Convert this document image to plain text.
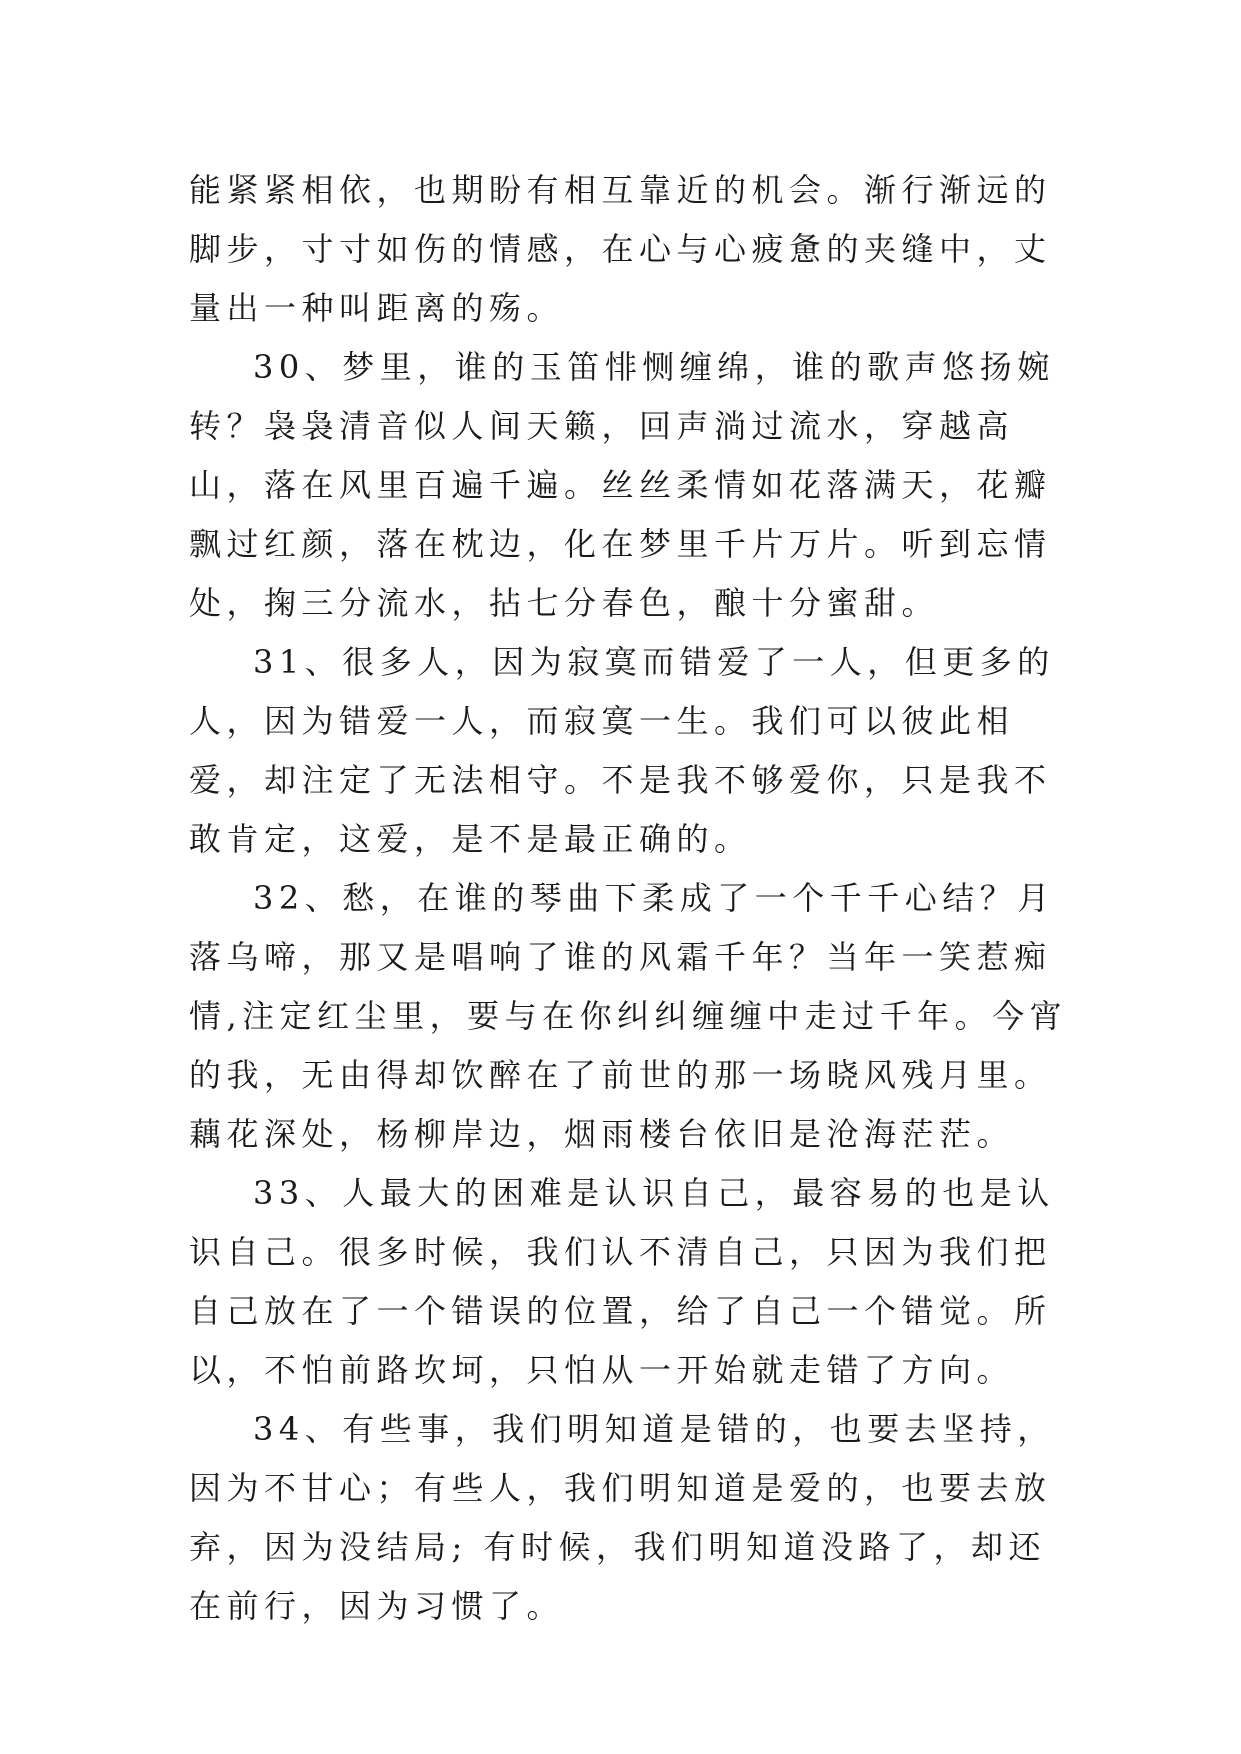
能紧紧相依，也期盼有相互靠近的机会。渐行渐远的脚步，寸寸如伤的情感，在心与心疲惫的夹缝中，丈量出一种叫距离的殇。

30、梦里，谁的玉笛悱恻缠绵，谁的歌声悠扬婉转？袅袅清音似人间天籁，回声淌过流水，穿越高山，落在风里百遍千遍。丝丝柔情如花落满天，花瓣飘过红颜，落在枕边，化在梦里千片万片。听到忘情处，掬三分流水，拈七分春色，酿十分蜜甜。

31、很多人，因为寂寞而错爱了一人，但更多的人，因为错爱一人，而寂寞一生。我们可以彼此相爱，却注定了无法相守。不是我不够爱你，只是我不敢肯定，这爱，是不是最正确的。

32、愁，在谁的琴曲下柔成了一个千千心结？月落乌啼，那又是唱响了谁的风霜千年？当年一笑惹痴情,注定红尘里，要与在你纠纠缠缠中走过千年。今宵的我，无由得却饮醉在了前世的那一场晓风残月里。藕花深处，杨柳岸边，烟雨楼台依旧是沧海茫茫。

33、人最大的困难是认识自己，最容易的也是认识自己。很多时候，我们认不清自己，只因为我们把自己放在了一个错误的位置，给了自己一个错觉。所以，不怕前路坎坷，只怕从一开始就走错了方向。

34、有些事，我们明知道是错的，也要去坚持，因为不甘心；有些人，我们明知道是爱的，也要去放弃，因为没结局; 有时候，我们明知道没路了，却还在前行，因为习惯了。
